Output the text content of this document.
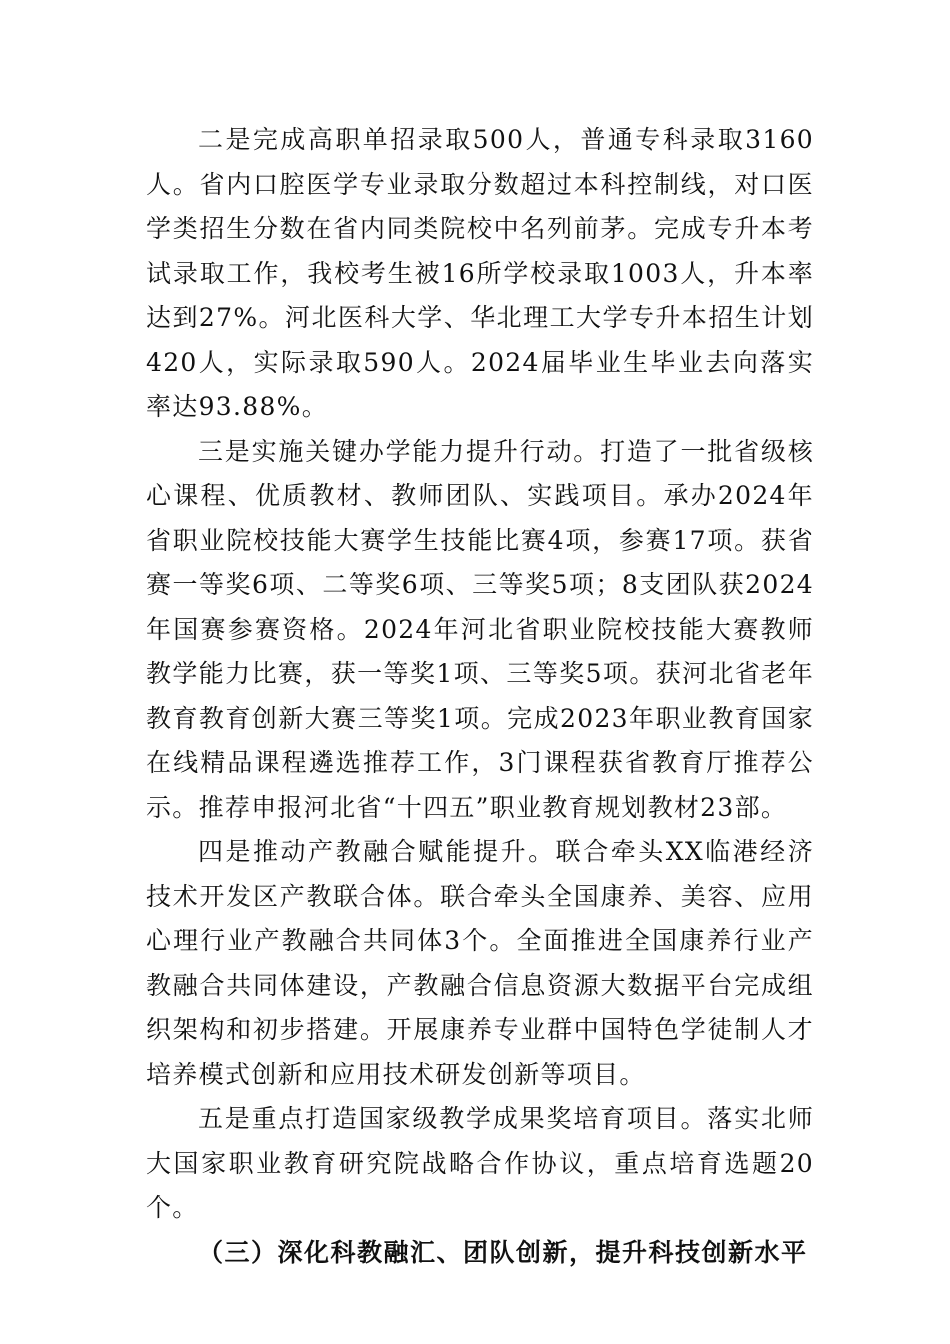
二是完成高职单招录取500人，普通专科录取3160人。省内口腔医学专业录取分数超过本科控制线，对口医学类招生分数在省内同类院校中名列前茅。完成专升本考试录取工作，我校考生被16所学校录取1003人，升本率达到27%。河北医科大学、华北理工大学专升本招生计划420人，实际录取590人。2024届毕业生毕业去向落实率达93.88%。

三是实施关键办学能力提升行动。打造了一批省级核心课程、优质教材、教师团队、实践项目。承办2024年省职业院校技能大赛学生技能比赛4项，参赛17项。获省赛一等奖6项、二等奖6项、三等奖5项；8支团队获2024年国赛参赛资格。2024年河北省职业院校技能大赛教师教学能力比赛，获一等奖1项、三等奖5项。获河北省老年教育教育创新大赛三等奖1项。完成2023年职业教育国家在线精品课程遴选推荐工作，3门课程获省教育厅推荐公示。推荐申报河北省“十四五”职业教育规划教材23部。

四是推动产教融合赋能提升。联合牵头XX临港经济技术开发区产教联合体。联合牵头全国康养、美容、应用心理行业产教融合共同体3个。全面推进全国康养行业产教融合共同体建设，产教融合信息资源大数据平台完成组织架构和初步搭建。开展康养专业群中国特色学徒制人才培养模式创新和应用技术研发创新等项目。

五是重点打造国家级教学成果奖培育项目。落实北师大国家职业教育研究院战略合作协议，重点培育选题20个。

（三）深化科教融汇、团队创新，提升科技创新水平
